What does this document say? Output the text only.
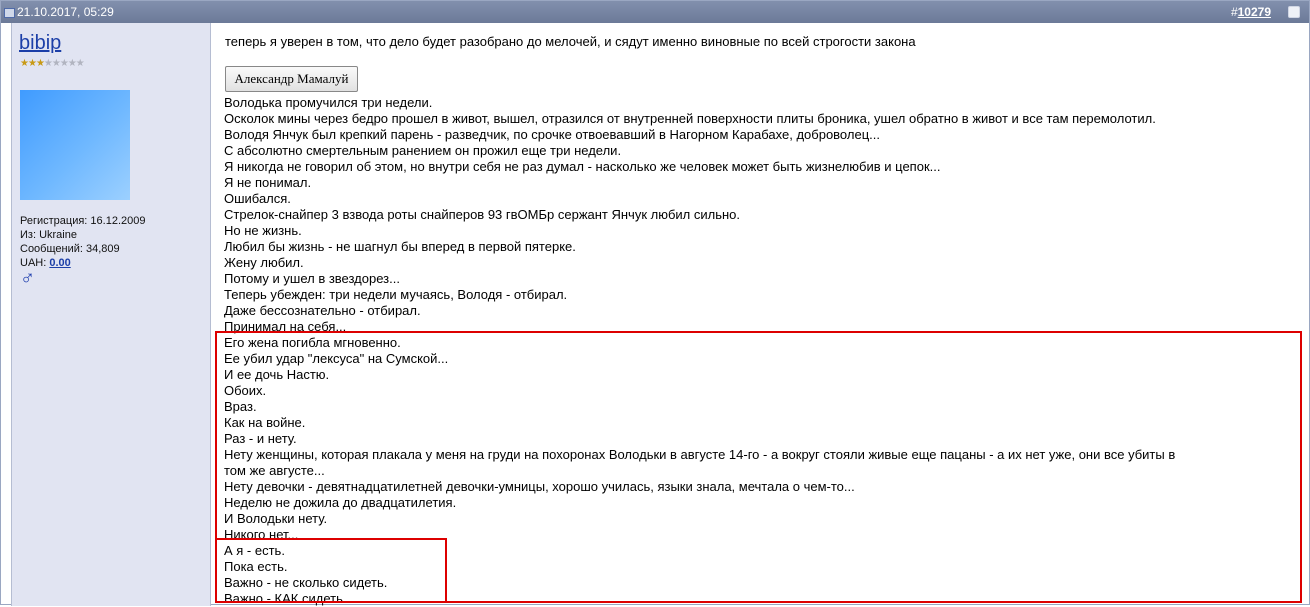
21.10.2017, 05:29	#10279
bibip
★★★★★★★★
Регистрация: 16.12.2009
Из: Ukraine
Сообщений: 34,809
UAH: 0.00
♂
теперь я уверен в том, что дело будет разобрано до мелочей, и сядут именно виновные по всей строгости закона
Александр Мамалуй
Володька промучился три недели.
Осколок мины через бедро прошел в живот, вышел, отразился от внутренней поверхности плиты броника, ушел обратно в живот и все там перемолотил.
Володя Янчук был крепкий парень - разведчик, по срочке отвоевавший в Нагорном Карабахе, доброволец...
С абсолютно смертельным ранением он прожил еще три недели.
Я никогда не говорил об этом, но внутри себя не раз думал - насколько же человек может быть жизнелюбив и цепок...
Я не понимал.
Ошибался.
Стрелок-снайпер 3 взвода роты снайперов 93 гвОМБр сержант Янчук любил сильно.
Но не жизнь.
Любил бы жизнь - не шагнул бы вперед в первой пятерке.
Жену любил.
Потому и ушел в звездорез...
Теперь убежден: три недели мучаясь, Володя - отбирал.
Даже бессознательно - отбирал.
Принимал на себя...
Его жена погибла мгновенно.
Ее убил удар "лексуса" на Сумской...
И ее дочь Настю.
Обоих.
Враз.
Как на войне.
Раз - и нету.
Нету женщины, которая плакала у меня на груди на похоронах Володьки в августе 14-го - а вокруг стояли живые еще пацаны - а их нет уже, они все убиты в
том же августе...
Нету девочки - девятнадцатилетней девочки-умницы, хорошо училась, языки знала, мечтала о чем-то...
Неделю не дожила до двадцатилетия.
И Володьки нету.
Никого нет...
А я - есть.
Пока есть.
Важно - не сколько сидеть.
Важно - КАК сидеть.
